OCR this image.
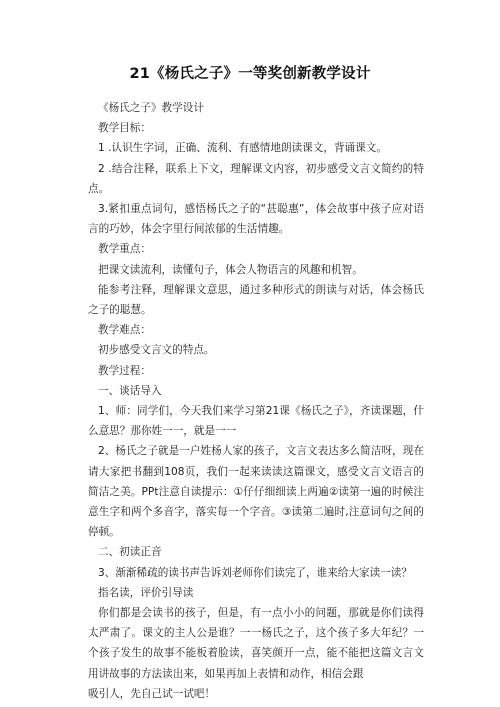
21《杨氏之子》一等奖创新教学设计

《杨氏之子》教学设计

教学目标：

1 .认识生字词，正确、流利、有感情地朗读课文，背诵课文。

2 .结合注释，联系上下文，理解课文内容，初步感受文言文简约的特点。

3.紧扣重点词句，感悟杨氏之子的“甚聪惠”，体会故事中孩子应对语言的巧妙，体会字里行间浓郁的生活情趣。

教学重点：

把课文读流利，读懂句子，体会人物语言的风趣和机智。

能参考注释，理解课文意思，通过多种形式的朗读与对话，体会杨氏之子的聪慧。

教学难点：

初步感受文言文的特点。

教学过程：

一、谈话导入

1、师：同学们，今天我们来学习第21课《杨氏之子》，齐读课题，什么意思？那你姓一一，就是一一

2、杨氏之子就是一户姓杨人家的孩子，文言文表达多么简洁呀，现在请大家把书翻到108页，我们一起来读读这篇课文，感受文言文语言的简洁之美。PPt注意自读提示：①仔仔细细读上两遍②读第一遍的时候注意生字和两个多音字，落实每一个字音。③读第二遍时,注意词句之间的停顿。

二、初读正音

3、渐渐稀疏的读书声告诉刘老师你们读完了，谁来给大家读一读？

指名读，评价引导读

你们都是会读书的孩子，但是，有一点小小的问题，那就是你们读得太严肃了。课文的主人公是谁？一一杨氏之子，这个孩子多大年纪？一个孩子发生的故事不能板着脸读，喜笑颜开一点，能不能把这篇文言文用讲故事的方法读出来，如果再加上表情和动作，相信会跟

吸引人，先自己试一试吧！
